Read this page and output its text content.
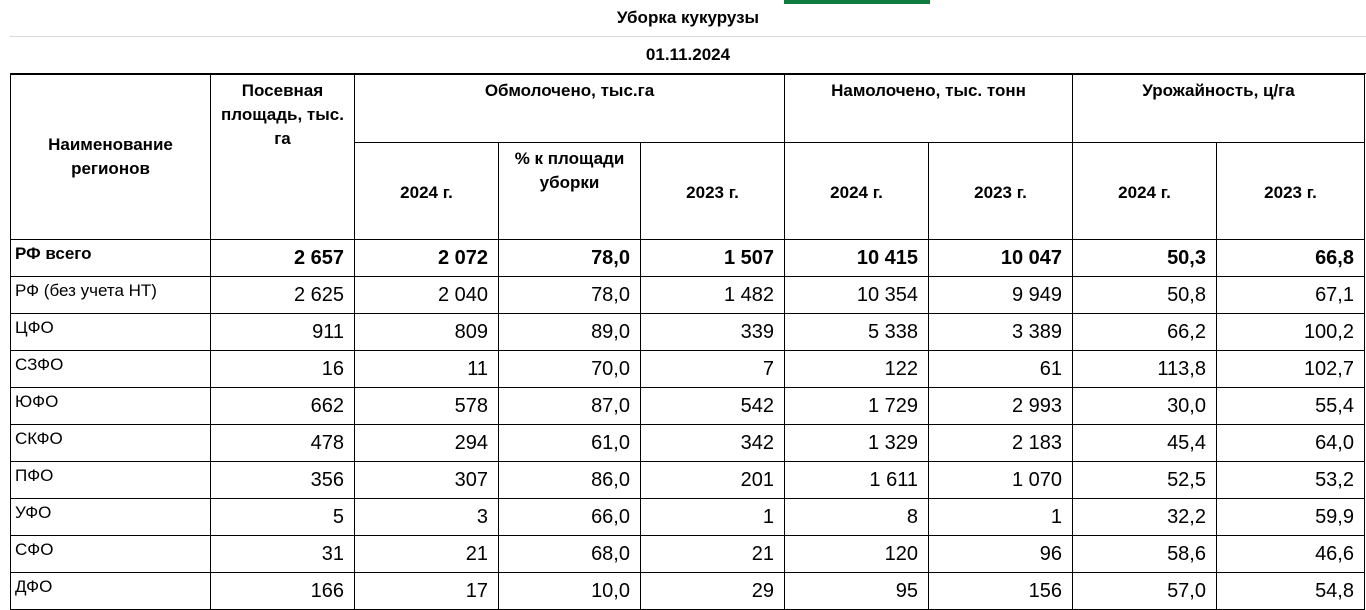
Уборка кукурузы
01.11.2024
Наименование регионов	Посевная площадь, тыс. га	Обмолочено, тыс.га			Намолочено, тыс. тонн		Урожайность, ц/га	
		2024 г.	% к площади уборки	2023 г.	2024 г.	2023 г.	2024 г.	2023 г.
РФ всего	2 657	2 072	78,0	1 507	10 415	10 047	50,3	66,8
РФ (без учета НТ)	2 625	2 040	78,0	1 482	10 354	9 949	50,8	67,1
ЦФО	911	809	89,0	339	5 338	3 389	66,2	100,2
СЗФО	16	11	70,0	7	122	61	113,8	102,7
ЮФО	662	578	87,0	542	1 729	2 993	30,0	55,4
СКФО	478	294	61,0	342	1 329	2 183	45,4	64,0
ПФО	356	307	86,0	201	1 611	1 070	52,5	53,2
УФО	5	3	66,0	1	8	1	32,2	59,9
СФО	31	21	68,0	21	120	96	58,6	46,6
ДФО	166	17	10,0	29	95	156	57,0	54,8
